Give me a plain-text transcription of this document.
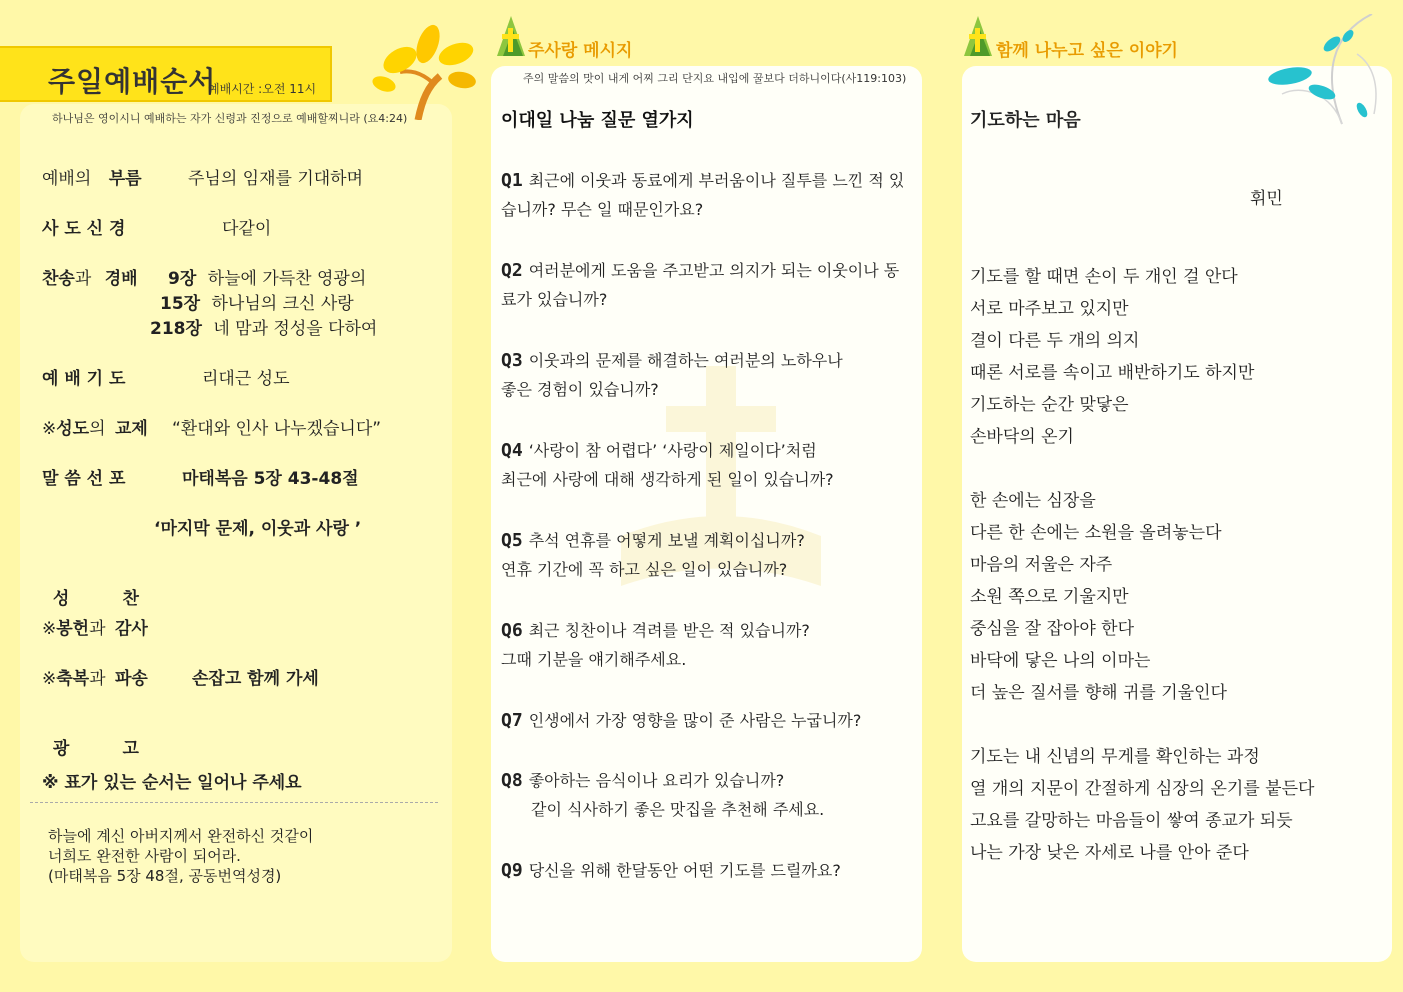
주일예배순서
예배시간 :오전 11시
하나님은 영이시니 예배하는 자가 신령과 진정으로 예배할찌니라 (요4:24)
예배의 부름	주님의 임재를 기대하며
사 도 신 경	다같이
찬송과 경배 9장 하늘에 가득찬 영광의
15장 하나님의 크신 사랑
218장 네 맘과 정성을 다하여
예 배 기 도	리대근 성도
※성도의 교제 “환대와 인사 나누겠습니다”
말 씀 선 포	마태복음 5장 43-48절
‘마지막 문제, 이웃과 사랑 ’

성         찬

※봉헌과 감사
※축복과 파송	손잡고 함께 가세

광         고

※ 표가 있는 순서는 일어나 주세요
하늘에 계신 아버지께서 완전하신 것같이
너희도 완전한 사람이 되어라.
(마태복음 5장 48절, 공동번역성경)
주사랑 메시지
주의 말씀의 맛이 내게 어찌 그리 단지요 내입에 꿀보다 더하니이다(사119:103)
이대일 나눔 질문 열가지
Q1 최근에 이웃과 동료에게 부러움이나 질투를 느낀 적 있습니까? 무슨 일 때문인가요?
Q2 여러분에게 도움을 주고받고 의지가 되는 이웃이나 동료가 있습니까?
Q3 이웃과의 문제를 해결하는 여러분의 노하우나
좋은 경험이 있습니까?
Q4 ‘사랑이 참 어렵다’ ‘사랑이 제일이다’처럼
최근에 사랑에 대해 생각하게 된 일이 있습니까?
Q5 추석 연휴를 어떻게 보낼 계획이십니까?
연휴 기간에 꼭 하고 싶은 일이 있습니까?
Q6 최근 칭찬이나 격려를 받은 적 있습니까?
그때 기분을 얘기해주세요.
Q7 인생에서 가장 영향을 많이 준 사람은 누굽니까?
Q8 좋아하는 음식이나 요리가 있습니까?
같이 식사하기 좋은 맛집을 추천해 주세요.
Q9 당신을 위해 한달동안 어떤 기도를 드릴까요?
함께 나누고 싶은 이야기
기도하는 마음
휘민
기도를 할 때면 손이 두 개인 걸 안다
서로 마주보고 있지만
결이 다른 두 개의 의지
때론 서로를 속이고 배반하기도 하지만
기도하는 순간 맞닿은
손바닥의 온기
한 손에는 심장을
다른 한 손에는 소원을 올려놓는다
마음의 저울은 자주
소원 쪽으로 기울지만
중심을 잘 잡아야 한다
바닥에 닿은 나의 이마는
더 높은 질서를 향해 귀를 기울인다
기도는 내 신념의 무게를 확인하는 과정
열 개의 지문이 간절하게 심장의 온기를 붙든다
고요를 갈망하는 마음들이 쌓여 종교가 되듯
나는 가장 낮은 자세로 나를 안아 준다
